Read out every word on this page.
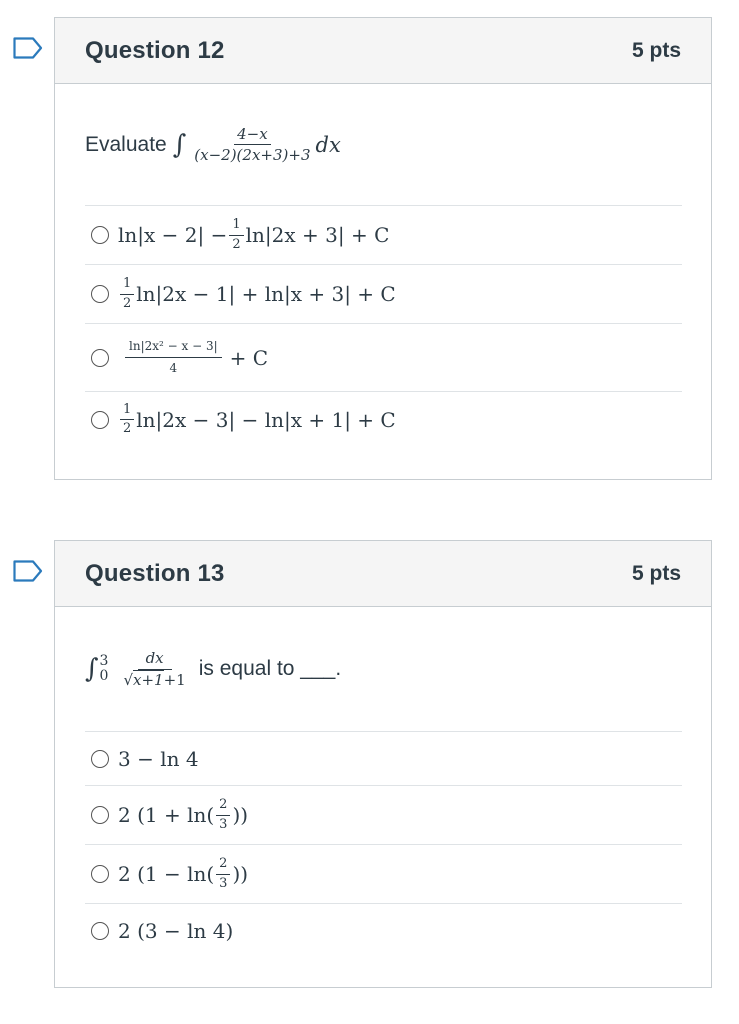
Question 12	5 pts
Evaluate ∫ $\frac{4-x}{(x-2)(2x+3)+3}$ dx
$\ln|x - 2| - \frac{1}{2} \ln|2x + 3| + C$
$\frac{1}{2} \ln|2x - 1| + \ln|x + 3| + C$
$\frac{\text{ln|2x² − x − 3|}}{4} + C$
$\frac{1}{2} \ln|2x - 3| - \ln|x + 1| + C$
Question 13	5 pts
∫ 3
$0 \frac{dx}{√x+1+1}$ is equal to ___.
3 − ln 4
2 ($1 + \ln( \frac{2}{3}$ ))
2 ($1 - \ln( \frac{2}{3}$ ))
2 (3 − ln 4)
